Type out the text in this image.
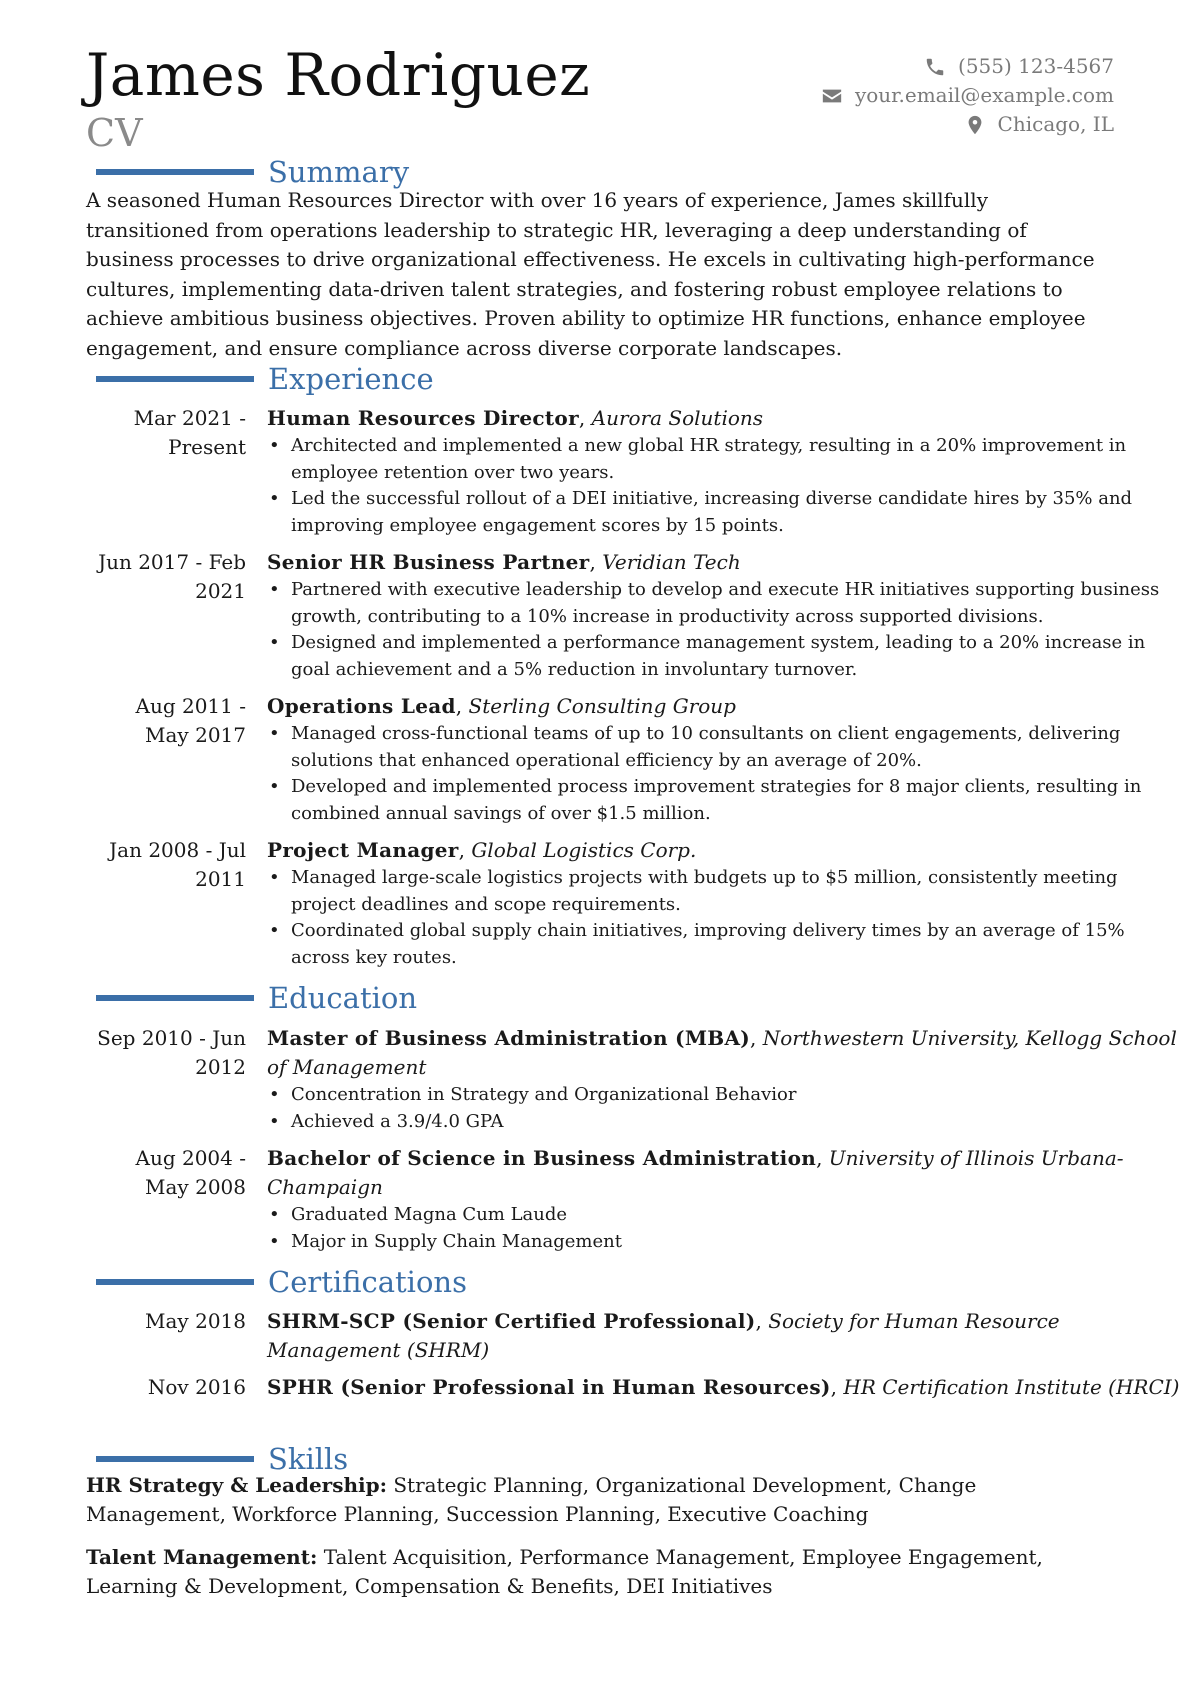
James Rodriguez
CV
(555) 123-4567
your.email@example.com
Chicago, IL
Summary
A seasoned Human Resources Director with over 16 years of experience, James skillfully transitioned from operations leadership to strategic HR, leveraging a deep understanding of business processes to drive organizational effectiveness. He excels in cultivating high-performance cultures, implementing data-driven talent strategies, and fostering robust employee relations to achieve ambitious business objectives. Proven ability to optimize HR functions, enhance employee engagement, and ensure compliance across diverse corporate landscapes.
Experience
Mar 2021 - Present
Human Resources Director, Aurora Solutions
• Architected and implemented a new global HR strategy, resulting in a 20% improvement in employee retention over two years.
• Led the successful rollout of a DEI initiative, increasing diverse candidate hires by 35% and improving employee engagement scores by 15 points.
Jun 2017 - Feb 2021
Senior HR Business Partner, Veridian Tech
• Partnered with executive leadership to develop and execute HR initiatives supporting business growth, contributing to a 10% increase in productivity across supported divisions.
• Designed and implemented a performance management system, leading to a 20% increase in goal achievement and a 5% reduction in involuntary turnover.
Aug 2011 - May 2017
Operations Lead, Sterling Consulting Group
• Managed cross-functional teams of up to 10 consultants on client engagements, delivering solutions that enhanced operational efficiency by an average of 20%.
• Developed and implemented process improvement strategies for 8 major clients, resulting in combined annual savings of over $1.5 million.
Jan 2008 - Jul 2011
Project Manager, Global Logistics Corp.
• Managed large-scale logistics projects with budgets up to $5 million, consistently meeting project deadlines and scope requirements.
• Coordinated global supply chain initiatives, improving delivery times by an average of 15% across key routes.
Education
Sep 2010 - Jun 2012
Master of Business Administration (MBA), Northwestern University, Kellogg School of Management
• Concentration in Strategy and Organizational Behavior
• Achieved a 3.9/4.0 GPA
Aug 2004 - May 2008
Bachelor of Science in Business Administration, University of Illinois Urbana-Champaign
• Graduated Magna Cum Laude
• Major in Supply Chain Management
Certifications
May 2018 SHRM-SCP (Senior Certified Professional), Society for Human Resource Management (SHRM)
Nov 2016 SPHR (Senior Professional in Human Resources), HR Certification Institute (HRCI)
Skills
HR Strategy & Leadership: Strategic Planning, Organizational Development, Change Management, Workforce Planning, Succession Planning, Executive Coaching
Talent Management: Talent Acquisition, Performance Management, Employee Engagement, Learning & Development, Compensation & Benefits, DEI Initiatives
